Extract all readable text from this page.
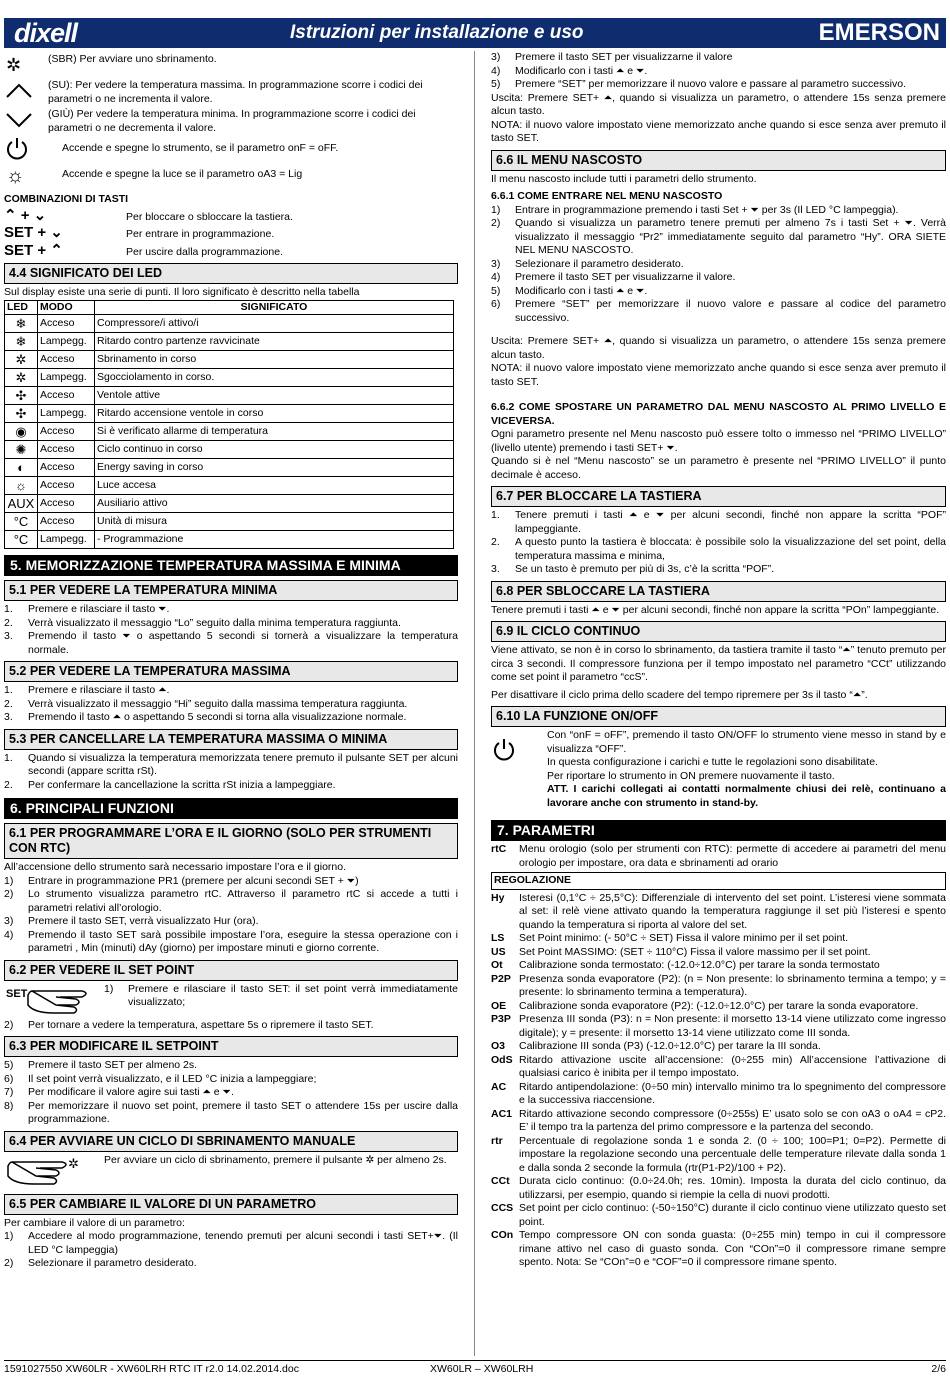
dixell	Istruzioni per installazione e uso	EMERSON
✲	(SBR) Per avviare uno sbrinamento.
(SU): Per vedere la temperatura massima. In programmazione scorre i codici dei parametri o ne incrementa il valore.
(GIÙ) Per vedere la temperatura minima. In programmazione scorre i codici dei parametri o ne decrementa il valore.
Accende e spegne lo strumento, se il parametro onF = oFF.
☼	Accende e spegne la luce se il parametro oA3 = Lig
COMBINAZIONI DI TASTI
⌃ + ⌄	Per bloccare o sbloccare la tastiera.
SET + ⌄	Per entrare in programmazione.
SET + ⌃	Per uscire dalla programmazione.
4.4 SIGNIFICATO DEI LED
Sul display esiste una serie di punti. Il loro significato è descritto nella tabella
LED	MODO	SIGNIFICATO
❄	Acceso	Compressore/i attivo/i
❄	Lampegg.	Ritardo contro partenze ravvicinate
✲	Acceso	Sbrinamento in corso
✲	Lampegg.	Sgocciolamento in corso.
✣	Acceso	Ventole attive
✣	Lampegg.	Ritardo accensione ventole in corso
◉	Acceso	Si è verificato allarme di temperatura
✺	Acceso	Ciclo continuo in corso
◐	Acceso	Energy saving in corso
☼	Acceso	Luce accesa
AUX	Acceso	Ausiliario attivo
°C	Acceso	Unità di misura
°C	Lampegg.	- Programmazione
5. MEMORIZZAZIONE TEMPERATURA MASSIMA E MINIMA
5.1 PER VEDERE LA TEMPERATURA MINIMA
1.	Premere e rilasciare il tasto ⏷.
2.	Verrà visualizzato il messaggio “Lo” seguito dalla minima temperatura raggiunta.
3.	Premendo il tasto ⏷ o aspettando 5 secondi si tornerà a visualizzare la temperatura normale.
5.2 PER VEDERE LA TEMPERATURA MASSIMA
1.	Premere e rilasciare il tasto ⏶.
2.	Verrà visualizzato il messaggio “Hi” seguito dalla massima temperatura raggiunta.
3.	Premendo il tasto ⏶ o aspettando 5 secondi si torna alla visualizzazione normale.
5.3 PER CANCELLARE LA TEMPERATURA MASSIMA O MINIMA
1.	Quando si visualizza la temperatura memorizzata tenere premuto il pulsante SET per alcuni secondi (appare scritta rSt).
2.	Per confermare la cancellazione la scritta rSt inizia a lampeggiare.
6. PRINCIPALI FUNZIONI
6.1 PER PROGRAMMARE L’ORA E IL GIORNO (SOLO PER STRUMENTI CON RTC)
All’accensione dello strumento sarà necessario impostare l’ora e il giorno.
1)	Entrare in programmazione PR1 (premere per alcuni secondi SET + ⏷)
2)	Lo strumento visualizza parametro rtC. Attraverso il parametro rtC si accede a tutti i parametri relativi all’orologio.
3)	Premere il tasto SET, verrà visualizzato Hur (ora).
4)	Premendo il tasto SET sarà possibile impostare l’ora, eseguire la stessa operazione con i parametri , Min (minuti) dAy (giorno) per impostare minuti e giorno corrente.
6.2 PER VEDERE IL SET POINT
SET	1)	Premere e rilasciare il tasto SET: il set point verrà immediatamente visualizzato;
2)	Per tornare a vedere la temperatura, aspettare 5s o ripremere il tasto SET.
6.3 PER MODIFICARE IL SETPOINT
5)	Premere il tasto SET per almeno 2s.
6)	Il set point verrà visualizzato, e il LED °C inizia a lampeggiare;
7)	Per modificare il valore agire sui tasti ⏶ e ⏷.
8)	Per memorizzare il nuovo set point, premere il tasto SET o attendere 15s per uscire dalla programmazione.
6.4 PER AVVIARE UN CICLO DI SBRINAMENTO MANUALE
✲ Per avviare un ciclo di sbrinamento, premere il pulsante ✲ per almeno 2s.
6.5 PER CAMBIARE IL VALORE DI UN PARAMETRO
Per cambiare il valore di un parametro:
1)	Accedere al modo programmazione, tenendo premuti per alcuni secondi i tasti SET+⏷. (Il LED °C lampeggia)
2)	Selezionare il parametro desiderato.
3)	Premere il tasto SET per visualizzarne il valore
4)	Modificarlo con i tasti ⏶ e ⏷.
5)	Premere “SET” per memorizzare il nuovo valore e passare al parametro successivo.
Uscita: Premere SET+ ⏶, quando si visualizza un parametro, o attendere 15s senza premere alcun tasto.
NOTA: il nuovo valore impostato viene memorizzato anche quando si esce senza aver premuto il tasto SET.
6.6 IL MENU NASCOSTO
Il menu nascosto include tutti i parametri dello strumento.
6.6.1 COME ENTRARE NEL MENU NASCOSTO
1)	Entrare in programmazione premendo i tasti Set + ⏷ per 3s (Il LED °C lampeggia).
2)	Quando si visualizza un parametro tenere premuti per almeno 7s i tasti Set + ⏷. Verrà visualizzato il messaggio “Pr2” immediatamente seguito dal parametro “Hy”. ORA SIETE NEL MENU NASCOSTO.
3)	Selezionare il parametro desiderato.
4)	Premere il tasto SET per visualizzarne il valore.
5)	Modificarlo con i tasti ⏶ e ⏷.
6)	Premere “SET” per memorizzare il nuovo valore e passare al codice del parametro successivo.
Uscita: Premere SET+ ⏶, quando si visualizza un parametro, o attendere 15s senza premere alcun tasto.
NOTA: il nuovo valore impostato viene memorizzato anche quando si esce senza aver premuto il tasto SET.
6.6.2 COME SPOSTARE UN PARAMETRO DAL MENU NASCOSTO AL PRIMO LIVELLO E VICEVERSA.
Ogni parametro presente nel Menu nascosto può essere tolto o immesso nel “PRIMO LIVELLO” (livello utente) premendo i tasti SET+ ⏷.
Quando si è nel “Menu nascosto” se un parametro è presente nel “PRIMO LIVELLO” il punto decimale è acceso.
6.7 PER BLOCCARE LA TASTIERA
1.	Tenere premuti i tasti ⏶ e ⏷ per alcuni secondi, finché non appare la scritta “POF” lampeggiante.
2.	A questo punto la tastiera è bloccata: è possibile solo la visualizzazione del set point, della temperatura massima e minima,
3.	Se un tasto è premuto per più di 3s, c’è la scritta “POF”.
6.8 PER SBLOCCARE LA TASTIERA
Tenere premuti i tasti ⏶ e ⏷ per alcuni secondi, finché non appare la scritta “POn” lampeggiante.
6.9 IL CICLO CONTINUO
Viene attivato, se non è in corso lo sbrinamento, da tastiera tramite il tasto “⏶” tenuto premuto per circa 3 secondi. Il compressore funziona per il tempo impostato nel parametro “CCt” utilizzando come set point il parametro “ccS”.
Per disattivare il ciclo prima dello scadere del tempo ripremere per 3s il tasto “⏶”.
6.10 LA FUNZIONE ON/OFF
Con “onF = oFF”, premendo il tasto ON/OFF lo strumento viene messo in stand by e visualizza “OFF”.
In questa configurazione i carichi e tutte le regolazioni sono disabilitate.
Per riportare lo strumento in ON premere nuovamente il tasto.
ATT. I carichi collegati ai contatti normalmente chiusi dei relè, continuano a lavorare anche con strumento in stand-by.
7. PARAMETRI
rtC	Menu orologio (solo per strumenti con RTC): permette di accedere ai parametri del menu orologio per impostare, ora data e sbrinamenti ad orario
REGOLAZIONE
Hy	Isteresi (0,1°C ÷ 25,5°C): Differenziale di intervento del set point. L’isteresi viene sommata al set: il relè viene attivato quando la temperatura raggiunge il set più l’isteresi e spento quando la temperatura si riporta al valore del set.
LS	Set Point minimo: (- 50°C ÷ SET) Fissa il valore minimo per il set point.
US	Set Point MASSIMO: (SET ÷ 110°C) Fissa il valore massimo per il set point.
Ot	Calibrazione sonda termostato: (-12.0÷12.0°C) per tarare la sonda termostato
P2P Presenza sonda evaporatore (P2): (n = Non presente: lo sbrinamento termina a tempo; y = presente: lo sbrinamento termina a temperatura).
OE	Calibrazione sonda evaporatore (P2): (-12.0÷12.0°C) per tarare la sonda evaporatore.
P3P Presenza III sonda (P3): n = Non presente: il morsetto 13-14 viene utilizzato come ingresso digitale); y = presente: il morsetto 13-14 viene utilizzato come III sonda.
O3	Calibrazione III sonda (P3) (-12.0÷12.0°C) per tarare la III sonda.
OdS Ritardo attivazione uscite all’accensione: (0÷255 min) All’accensione l’attivazione di qualsiasi carico è inibita per il tempo impostato.
AC	Ritardo antipendolazione: (0÷50 min) intervallo minimo tra lo spegnimento del compressore e la successiva riaccensione.
AC1 Ritardo attivazione secondo compressore (0÷255s) E’ usato solo se con oA3 o oA4 = cP2. E’ il tempo tra la partenza del primo compressore e la partenza del secondo.
rtr	Percentuale di regolazione sonda 1 e sonda 2. (0 ÷ 100; 100=P1; 0=P2). Permette di impostare la regolazione secondo una percentuale delle temperature rilevate dalla sonda 1 e dalla sonda 2 seconde la formula (rtr(P1-P2)/100 + P2).
CCt Durata ciclo continuo: (0.0÷24.0h; res. 10min). Imposta la durata del ciclo continuo, da utilizzarsi, per esempio, quando si riempie la cella di nuovi prodotti.
CCS Set point per ciclo continuo: (-50÷150°C) durante il ciclo continuo viene utilizzato questo set point.
COn Tempo compressore ON con sonda guasta: (0÷255 min) tempo in cui il compressore rimane attivo nel caso di guasto sonda. Con “COn”=0 il compressore rimane sempre spento. Nota: Se “COn”=0 e “COF”=0 il compressore rimane spento.
1591027550 XW60LR - XW60LRH RTC IT r2.0 14.02.2014.doc	XW60LR – XW60LRH	2/6
